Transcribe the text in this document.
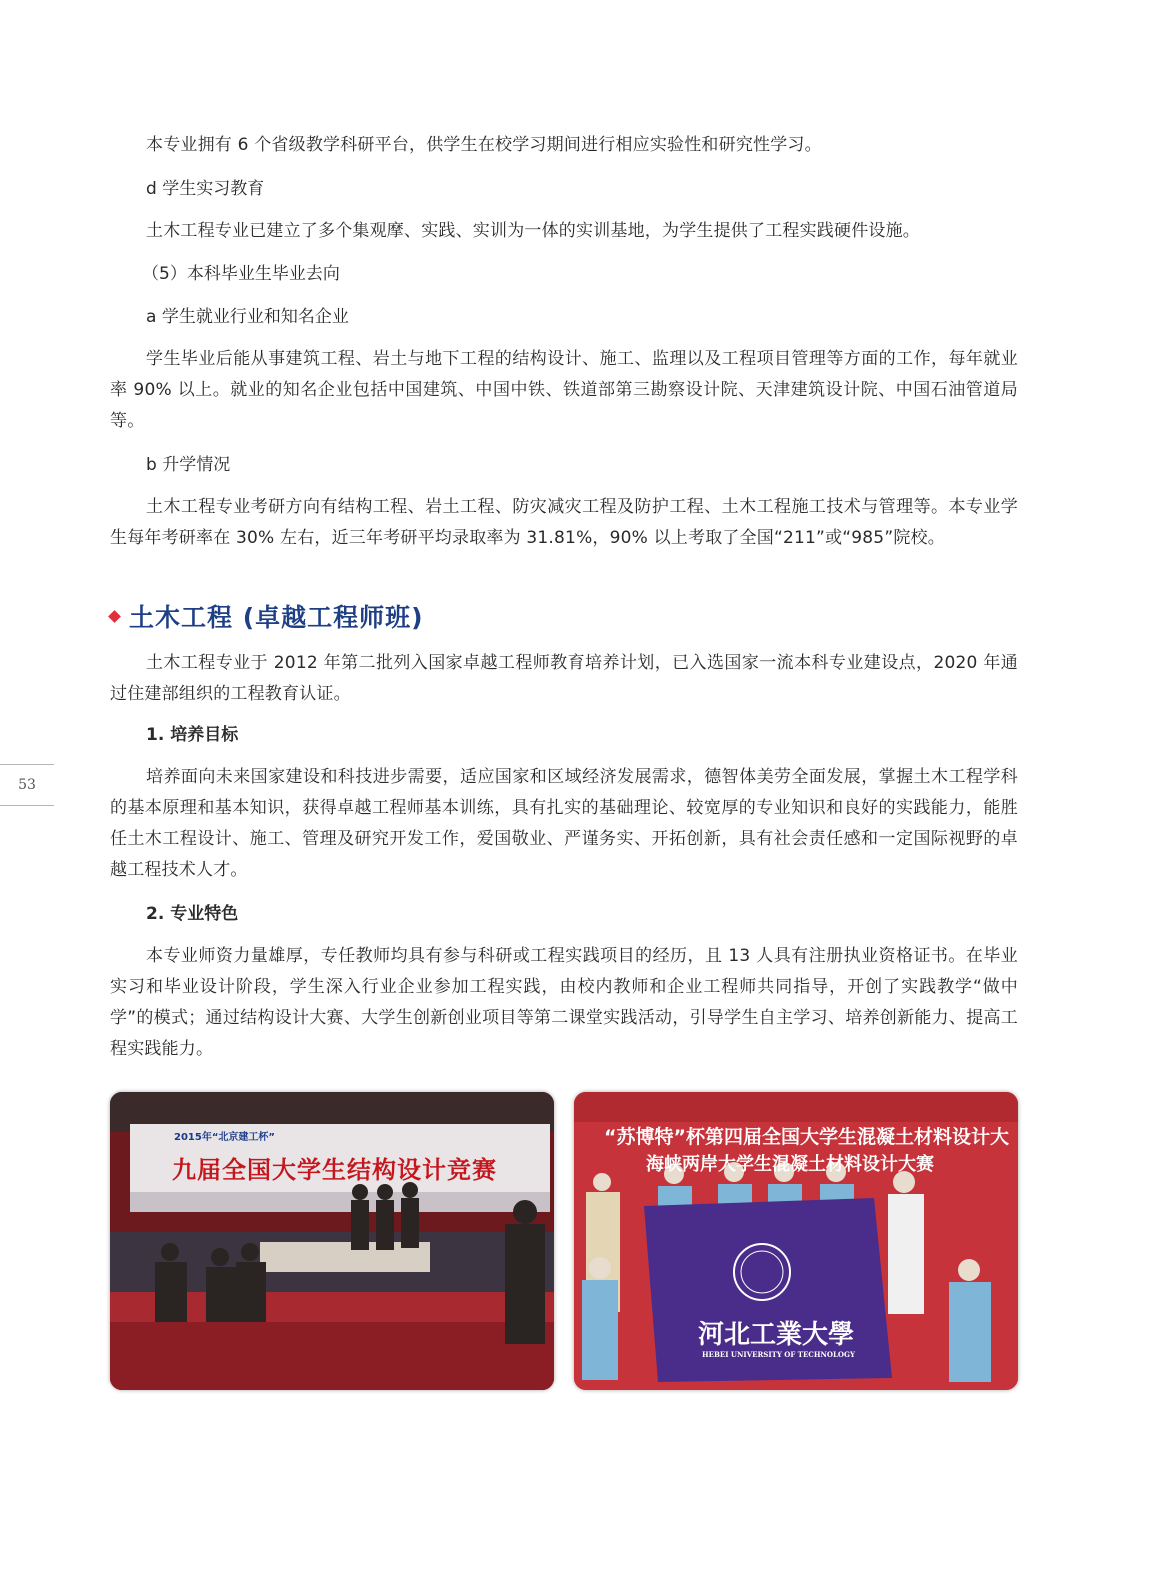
本专业拥有 6 个省级教学科研平台，供学生在校学习期间进行相应实验性和研究性学习。

d 学生实习教育

土木工程专业已建立了多个集观摩、实践、实训为一体的实训基地，为学生提供了工程实践硬件设施。

（5）本科毕业生毕业去向

a 学生就业行业和知名企业

学生毕业后能从事建筑工程、岩土与地下工程的结构设计、施工、监理以及工程项目管理等方面的工作，每年就业率 90% 以上。就业的知名企业包括中国建筑、中国中铁、铁道部第三勘察设计院、天津建筑设计院、中国石油管道局等。

b 升学情况

土木工程专业考研方向有结构工程、岩土工程、防灾减灾工程及防护工程、土木工程施工技术与管理等。本专业学生每年考研率在 30% 左右，近三年考研平均录取率为 31.81%，90% 以上考取了全国“211”或“985”院校。

土木工程 (卓越工程师班)

土木工程专业于 2012 年第二批列入国家卓越工程师教育培养计划，已入选国家一流本科专业建设点，2020 年通过住建部组织的工程教育认证。

1. 培养目标

培养面向未来国家建设和科技进步需要，适应国家和区域经济发展需求，德智体美劳全面发展，掌握土木工程学科的基本原理和基本知识，获得卓越工程师基本训练，具有扎实的基础理论、较宽厚的专业知识和良好的实践能力，能胜任土木工程设计、施工、管理及研究开发工作，爱国敬业、严谨务实、开拓创新，具有社会责任感和一定国际视野的卓越工程技术人才。

2. 专业特色

本专业师资力量雄厚，专任教师均具有参与科研或工程实践项目的经历，且 13 人具有注册执业资格证书。在毕业实习和毕业设计阶段，学生深入行业企业参加工程实践，由校内教师和企业工程师共同指导，开创了实践教学“做中学”的模式；通过结构设计大赛、大学生创新创业项目等第二课堂实践活动，引导学生自主学习、培养创新能力、提高工程实践能力。

53
2015年“北京建工杯”
九届全国大学生结构设计竞赛
“苏博特”杯第四届全国大学生混凝土材料设计大
海峡两岸大学生混凝土材料设计大赛
河北工業大學
HEBEI UNIVERSITY OF TECHNOLOGY
